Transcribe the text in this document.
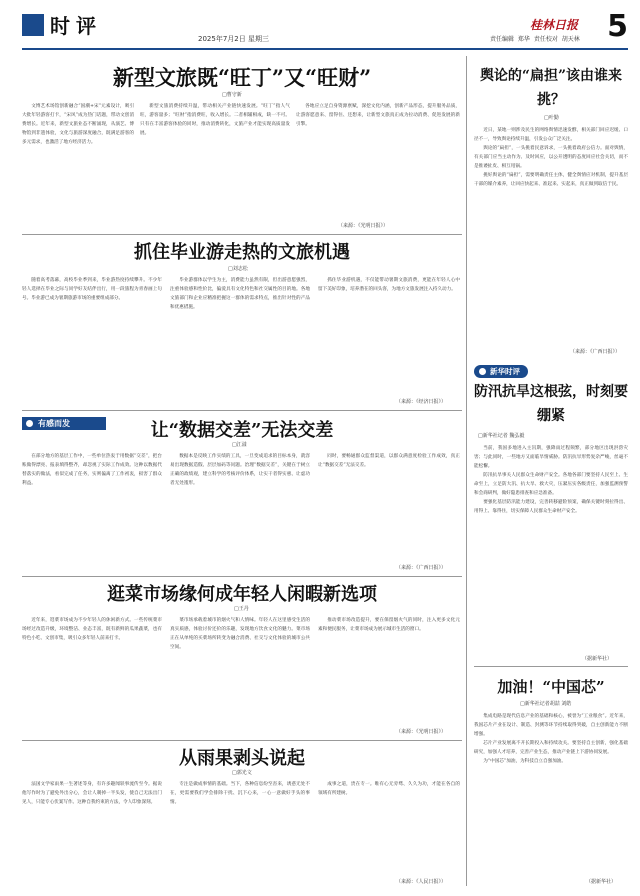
时评
2025年7月2日 星期三
桂林日报
责任编辑 郑华 责任校对 胡天林 5
新型文旅既“旺丁”又“旺财”
□曹守新

文博艺术场馆创新融合“国潮+宋”元素设计，吸引大批年轻游客打卡，“宋风”成为热门话题，带动文创消费增长。近年来，新型文旅业态不断涌现，从演艺、博物馆到非遗体验，文化与旅游深度融合，既满足游客的多元需求，也激活了地方经济活力。

新型文旅消费持续升温，带动相关产业链快速发展。“旺丁”指人气旺，游客量多；“旺财”指消费旺，收入增长。二者相辅相成，缺一不可。只有在丰富游客体验的同时，推动消费转化，文旅产业才能实现高质量发展。

各地应立足自身资源禀赋，深挖文化内涵，创新产品形态，提升服务品质，让游客愿意来、留得住、还想来，让新型文旅真正成为拉动消费、促进发展的新引擎。

（来源：《光明日报》）
抓住毕业游走热的文旅机遇
□刘志松

随着高考落幕，高校毕业季到来，毕业游热度持续攀升。不少年轻人选择在毕业之际与同学好友结伴出行，用一段旅程为青春画上句号。毕业游已成为暑期旅游市场的重要组成部分。

毕业游群体以学生为主，消费能力虽然有限，但出游意愿强烈，注重体验感和性价比，偏爱具有文化特色和社交属性的目的地。各地文旅部门和企业应精准把握这一群体的需求特点，推出针对性的产品和优惠措施。

抓住毕业游机遇，不仅能带动暑期文旅消费，更能在年轻人心中留下美好印象，培养潜在的回头客，为地方文旅发展注入持久动力。

（来源：《经济日报》）
有感而发	让“数据交差”无法交差
□江溢

在部分地方的基层工作中，一些单位热衷于用数据“交差”，把台账做得漂亮、报表填得整齐，却忽视了实际工作成效。这种以数据代替落实的做法，看似完成了任务，实则偏离了工作初衷，损害了群众利益。

数据本是反映工作实绩的工具，一旦变成追求的目标本身，就容易出现数据造假、层层加码等问题。治理“数据交差”，关键在于树立正确的政绩观，建立科学的考核评价体系，让实干者得实惠、让虚功者无处遁形。

同时，要畅通群众监督渠道，以群众满意度检验工作成效，真正让“数据交差”无法交差。

（来源：《广西日报》）
逛菜市场缘何成年轻人闲暇新选项
□王丹

近年来，逛菜市场成为不少年轻人的休闲新方式。一些传统菜市场经过改造升级，环境整洁、业态丰富，既有新鲜的瓜果蔬菜，也有特色小吃、文创市集，吸引众多年轻人前来打卡。

菜市场承载着城市的烟火气和人情味。年轻人在这里感受生活的真实质感，体验讨价还价的乐趣，发现地方饮食文化的魅力。菜市场正在从单纯的买菜场所转变为融合消费、社交与文化体验的城市公共空间。

推动菜市场改造提升，要在保留烟火气的同时，注入更多文化元素和便民服务，让菜市场成为展示城市生活的窗口。

（来源：《光明日报》）
从雨果剥头说起
□郭光文

法国文学家雨果一生著述等身，有许多趣闻轶事流传至今。据说他写作时为了避免外出分心，会让人剃掉一半头发，使自己无法出门见人，只能专心伏案写作。这种自我约束的方法，令人印象深刻。

专注是做成事情的基础。当下，各种信息纷至沓来，诱惑无处不在，更需要我们学会排除干扰、沉下心来，一心一意做好手头的事情。

成事之道，贵在专一。唯有心无旁骛、久久为功，才能在各自的领域有所建树。

（来源：《人民日报》）
舆论的“扁担”该由谁来挑？
□叶勤

近日，某地一则涉及民生的网络舆情迅速发酵，相关部门回应迟缓、口径不一，导致舆论持续升温，引发公众广泛关注。

舆论的“扁担”，一头挑着民意诉求，一头挑着政府公信力。面对舆情，有关部门应当主动作为、及时回应，以公开透明的态度回应社会关切，而不是推诿扯皮、相互甩锅。

挑好舆论的“扁担”，需要明确责任主体，健全舆情应对机制，提升基层干部的媒介素养，让回应快起来、准起来、实起来，真正做到取信于民。

（来源：《广西日报》）
新华时评
防汛抗旱这根弦，时刻要绷紧
□新华社记者 魏弘毅

当前，我国多地进入主汛期，强降雨过程频繁，部分地区出现洪涝灾害；与此同时，一些地方又面临旱情威胁。防汛抗旱形势复杂严峻，丝毫不能松懈。

防汛抗旱事关人民群众生命财产安全。各地各部门要坚持人民至上、生命至上，立足防大汛、抗大旱、救大灾，压紧压实各级责任，加强监测预警和会商研判，做好隐患排查和应急准备。

要强化基层防汛能力建设，完善转移避险预案，确保关键时刻拉得出、用得上、靠得住，切实保障人民群众生命财产安全。

（据新华社）
加油！“中国芯”
□新华社记者胡喆 刘皓

集成电路是现代信息产业的基础和核心，被誉为“工业粮食”。近年来，我国芯片产业在设计、制造、封测等环节持续取得突破，自主创新能力不断增强。

芯片产业发展离不开长期投入和持续攻关。要坚持自主创新，强化基础研究，加强人才培养，完善产业生态，推动产业链上下游协同发展。

为“中国芯”加油，为科技自立自强加油。

（据新华社）
